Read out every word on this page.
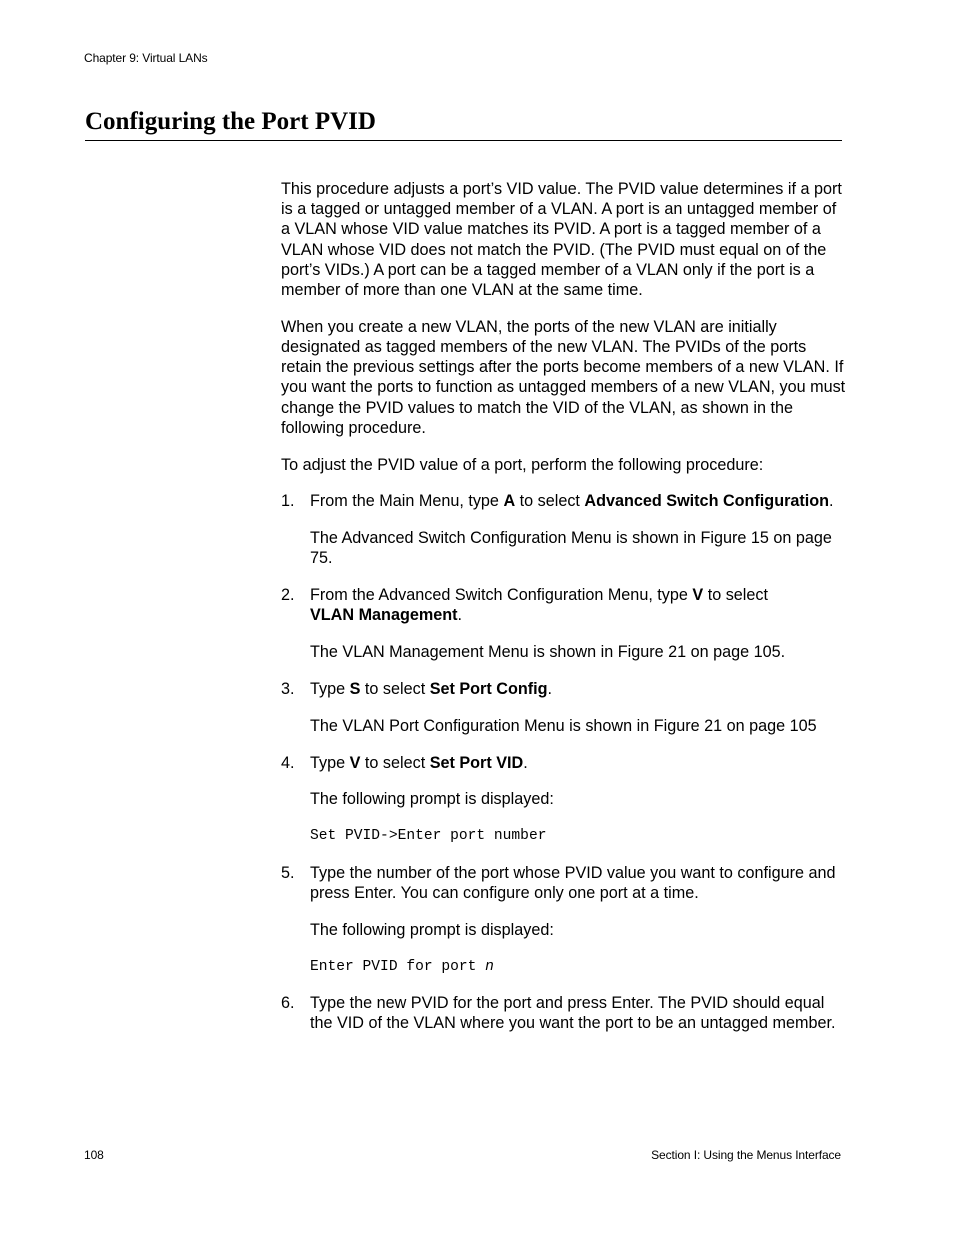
Chapter 9: Virtual LANs
Configuring the Port PVID

This procedure adjusts a port’s VID value. The PVID value determines if a port is a tagged or untagged member of a VLAN. A port is an untagged member of a VLAN whose VID value matches its PVID. A port is a tagged member of a VLAN whose VID does not match the PVID. (The PVID must equal on of the port’s VIDs.) A port can be a tagged member of a VLAN only if the port is a member of more than one VLAN at the same time.

When you create a new VLAN, the ports of the new VLAN are initially designated as tagged members of the new VLAN. The PVIDs of the ports retain the previous settings after the ports become members of a new VLAN. If you want the ports to function as untagged members of a new VLAN, you must change the PVID values to match the VID of the VLAN, as shown in the following procedure.

To adjust the PVID value of a port, perform the following procedure:

1. From the Main Menu, type A to select Advanced Switch Configuration.

The Advanced Switch Configuration Menu is shown in Figure 15 on page 75.

2. From the Advanced Switch Configuration Menu, type V to select
VLAN Management.

The VLAN Management Menu is shown in Figure 21 on page 105.

3. Type S to select Set Port Config.

The VLAN Port Configuration Menu is shown in Figure 21 on page 105

4. Type V to select Set Port VID.

The following prompt is displayed:

Set PVID->Enter port number
5. Type the number of the port whose PVID value you want to configure and press Enter. You can configure only one port at a time.

The following prompt is displayed:

Enter PVID for port n
6. Type the new PVID for the port and press Enter. The PVID should equal the VID of the VLAN where you want the port to be an untagged member.
108	Section I: Using the Menus Interface
